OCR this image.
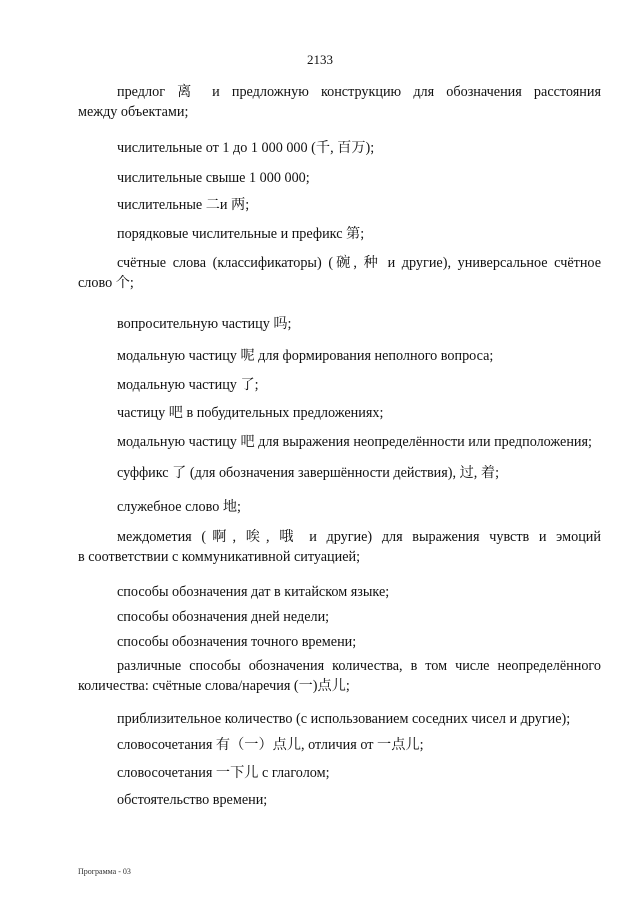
2133

предлог 离 и предложную конструкцию для обозначения расстояния
между объектами;

числительные от 1 до 1 000 000 (千, 百万);

числительные свыше 1 000 000;

числительные 二и 两;

порядковые числительные и префикс 第;

счётные слова (классификаторы) (碗, 种 и другие), универсальное счётное
слово 个;

вопросительную частицу 吗;

модальную частицу 呢 для формирования неполного вопроса;

модальную частицу 了;

частицу 吧 в побудительных предложениях;

модальную частицу 吧 для выражения неопределённости или предположения;

суффикс 了 (для обозначения завершённости действия), 过, 着;

служебное слово 地;

междометия (啊, 唉, 哦 и другие) для выражения чувств и эмоций
в соответствии с коммуникативной ситуацией;

способы обозначения дат в китайском языке;

способы обозначения дней недели;

способы обозначения точного времени;

различные способы обозначения количества, в том числе неопределённого
количества: счётные слова/наречия (一)点儿;

приблизительное количество (с использованием соседних чисел и другие);

словосочетания 有（一）点儿, отличия от 一点儿;

словосочетания 一下儿 с глаголом;

обстоятельство времени;

Программа - 03
